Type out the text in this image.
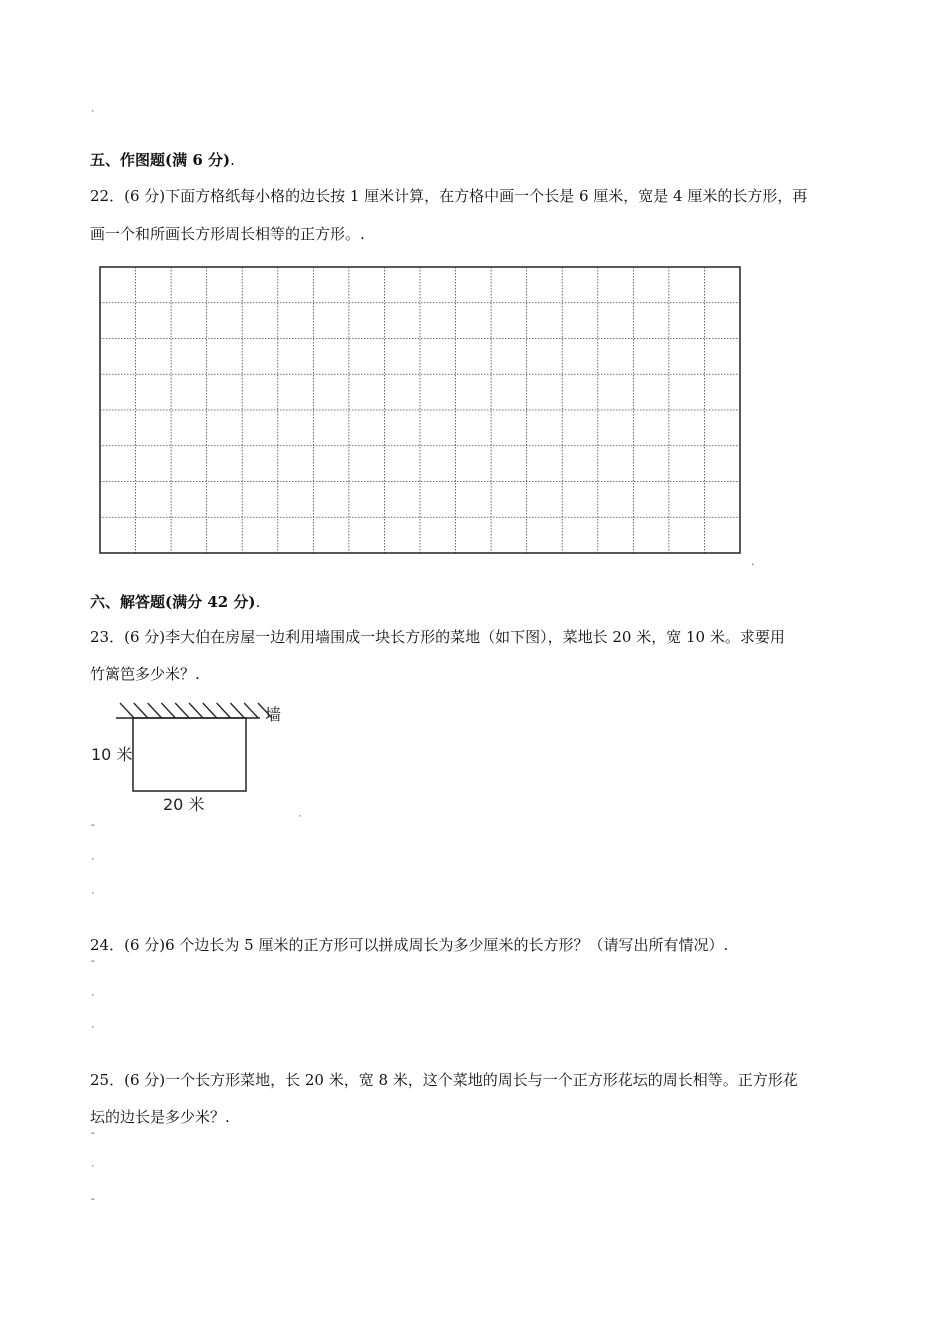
˙
五、作图题(满 6 分).
22．(6 分)下面方格纸每小格的边长按 1 厘米计算，在方格中画一个长是 6 厘米，宽是 4 厘米的长方形，再
画一个和所画长方形周长相等的正方形。.
.
六、解答题(满分 42 分).
23．(6 分)李大伯在房屋一边利用墙围成一块长方形的菜地（如下图），菜地长 20 米，宽 10 米。求要用
竹篱笆多少米？.
墙
10 米
20 米
˙
ˉ
˙
˙
24．(6 分)6 个边长为 5 厘米的正方形可以拼成周长为多少厘米的长方形？（请写出所有情况）.
ˉ
˙
˙
25．(6 分)一个长方形菜地，长 20 米，宽 8 米，这个菜地的周长与一个正方形花坛的周长相等。正方形花
坛的边长是多少米？.
ˉ
˙
ˉ
